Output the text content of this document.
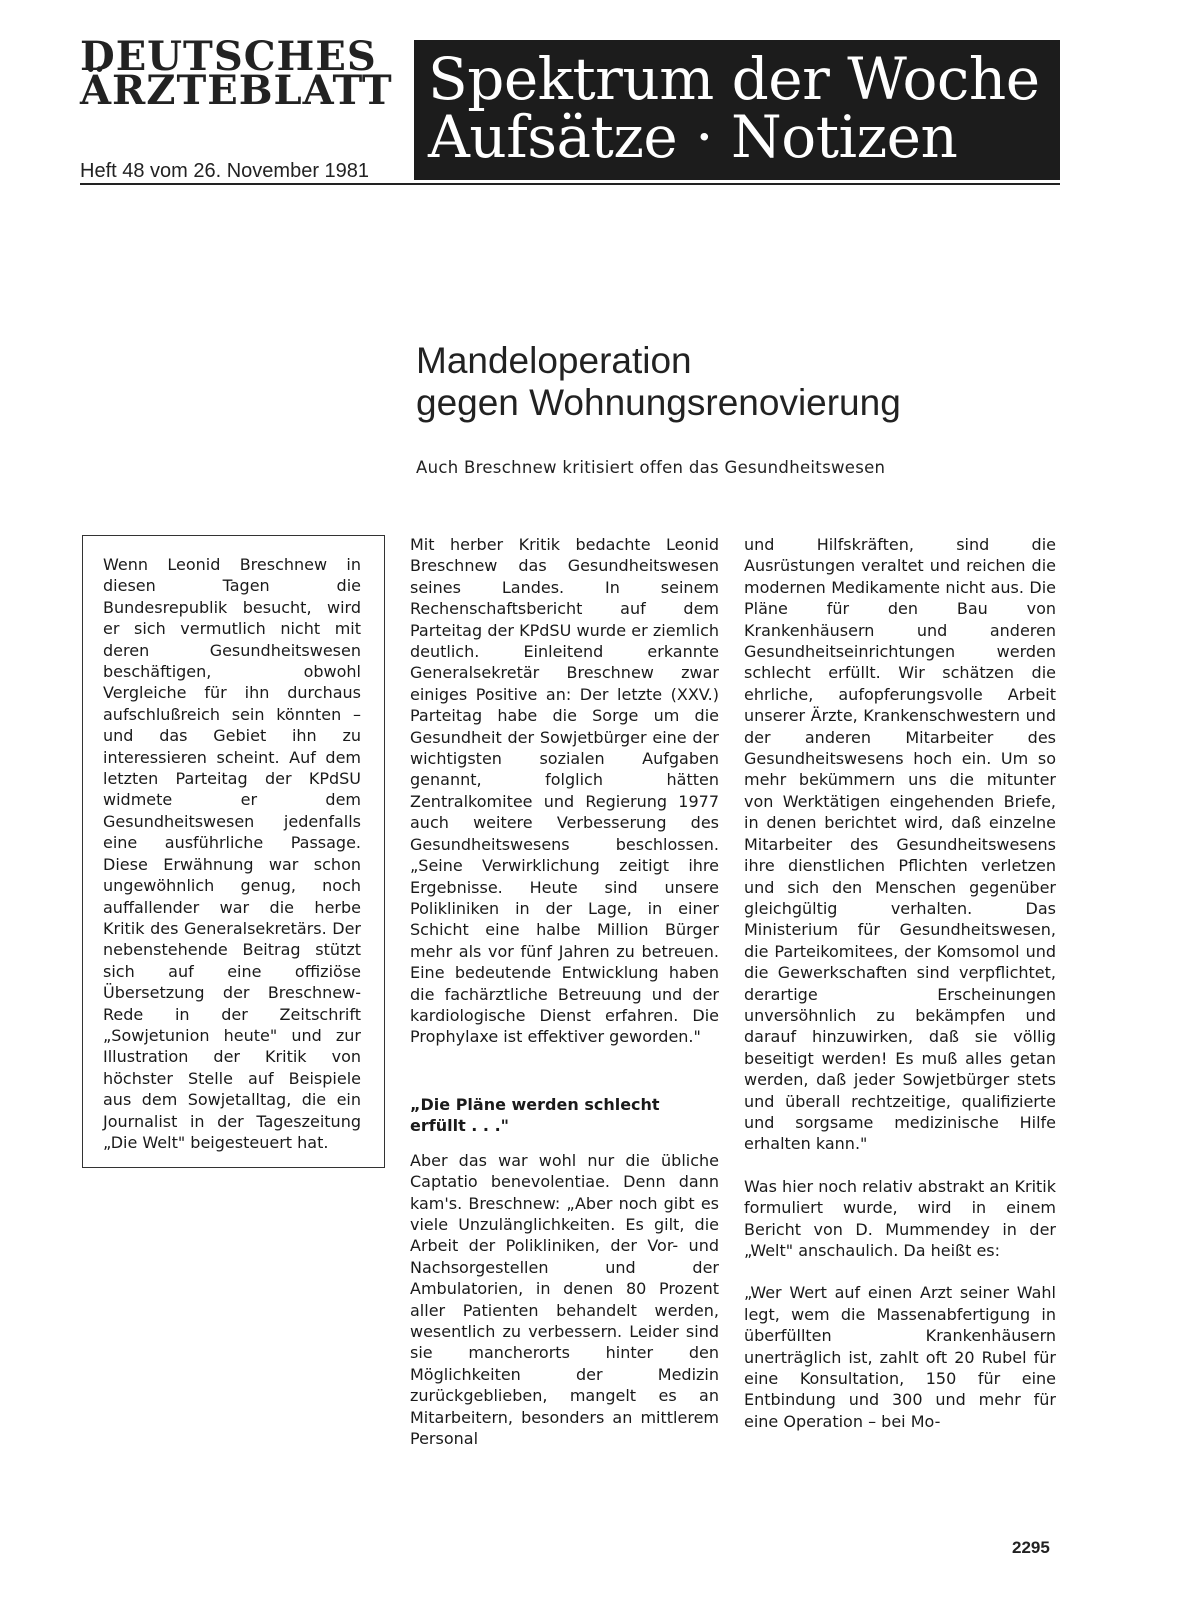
DEUTSCHES
ÄRZTEBLATT
Heft 48 vom 26. November 1981
Spektrum der Woche
Aufsätze · Notizen
Mandeloperation
gegen Wohnungsrenovierung
Auch Breschnew kritisiert offen das Gesundheitswesen
Wenn Leonid Breschnew in diesen Tagen die Bundesrepublik besucht, wird er sich vermutlich nicht mit deren Gesundheitswesen beschäftigen, obwohl Vergleiche für ihn durchaus aufschlußreich sein könnten – und das Gebiet ihn zu interessieren scheint. Auf dem letzten Parteitag der KPdSU widmete er dem Gesundheitswesen jedenfalls eine ausführliche Passage. Diese Erwähnung war schon ungewöhnlich genug, noch auffallender war die herbe Kritik des Generalsekretärs. Der nebenstehende Beitrag stützt sich auf eine offiziöse Übersetzung der Breschnew-Rede in der Zeitschrift „Sowjetunion heute" und zur Illustration der Kritik von höchster Stelle auf Beispiele aus dem Sowjetalltag, die ein Journalist in der Tageszeitung „Die Welt" beigesteuert hat.

Mit herber Kritik bedachte Leonid Breschnew das Gesundheitswesen seines Landes. In seinem Rechenschaftsbericht auf dem Parteitag der KPdSU wurde er ziemlich deutlich. Einleitend erkannte Generalsekretär Breschnew zwar einiges Positive an: Der letzte (XXV.) Parteitag habe die Sorge um die Gesundheit der Sowjetbürger eine der wichtigsten sozialen Aufgaben genannt, folglich hätten Zentralkomitee und Regierung 1977 auch weitere Verbesserung des Gesundheitswesens beschlossen. „Seine Verwirklichung zeitigt ihre Ergebnisse. Heute sind unsere Polikliniken in der Lage, in einer Schicht eine halbe Million Bürger mehr als vor fünf Jahren zu betreuen. Eine bedeutende Entwicklung haben die fachärztliche Betreuung und der kardiologische Dienst erfahren. Die Prophylaxe ist effektiver geworden."

„Die Pläne werden schlecht erfüllt . . ."

Aber das war wohl nur die übliche Captatio benevolentiae. Denn dann kam's. Breschnew: „Aber noch gibt es viele Unzulänglichkeiten. Es gilt, die Arbeit der Polikliniken, der Vor- und Nachsorgestellen und der Ambulatorien, in denen 80 Prozent aller Patienten behandelt werden, wesentlich zu verbessern. Leider sind sie mancherorts hinter den Möglichkeiten der Medizin zurückgeblieben, mangelt es an Mitarbeitern, besonders an mittlerem Personal

und Hilfskräften, sind die Ausrüstungen veraltet und reichen die modernen Medikamente nicht aus. Die Pläne für den Bau von Krankenhäusern und anderen Gesundheitseinrichtungen werden schlecht erfüllt. Wir schätzen die ehrliche, aufopferungsvolle Arbeit unserer Ärzte, Krankenschwestern und der anderen Mitarbeiter des Gesundheitswesens hoch ein. Um so mehr bekümmern uns die mitunter von Werktätigen eingehenden Briefe, in denen berichtet wird, daß einzelne Mitarbeiter des Gesundheitswesens ihre dienstlichen Pflichten verletzen und sich den Menschen gegenüber gleichgültig verhalten. Das Ministerium für Gesundheitswesen, die Parteikomitees, der Komsomol und die Gewerkschaften sind verpflichtet, derartige Erscheinungen unversöhnlich zu bekämpfen und darauf hinzuwirken, daß sie völlig beseitigt werden! Es muß alles getan werden, daß jeder Sowjetbürger stets und überall rechtzeitige, qualifizierte und sorgsame medizinische Hilfe erhalten kann."

Was hier noch relativ abstrakt an Kritik formuliert wurde, wird in einem Bericht von D. Mummendey in der „Welt" anschaulich. Da heißt es:

„Wer Wert auf einen Arzt seiner Wahl legt, wem die Massenabfertigung in überfüllten Krankenhäusern unerträglich ist, zahlt oft 20 Rubel für eine Konsultation, 150 für eine Entbindung und 300 und mehr für eine Operation – bei Mo-

2295
